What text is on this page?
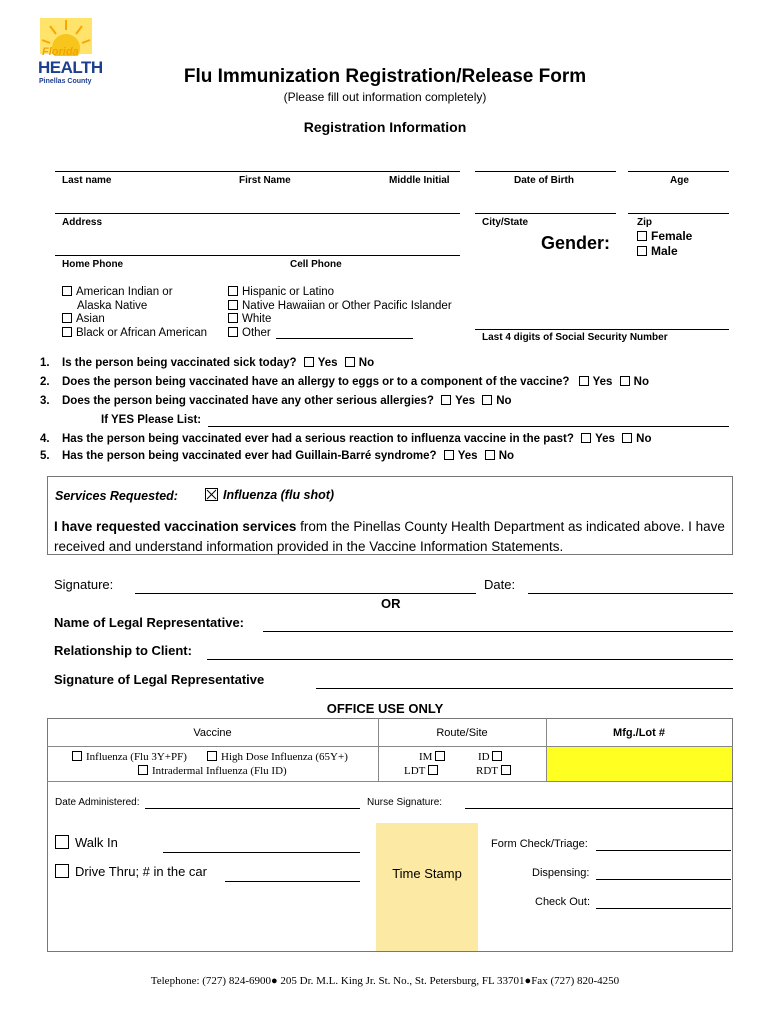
Florida
HEALTH
Pinellas County	Flu Immunization Registration/Release Form
(Please fill out information completely)
Registration Information
Last name	First Name	Middle Initial	Date of Birth	Age
Address	City/State	Zip
Gender:	Female
Male
Home Phone	Cell Phone
American Indian or
Alaska Native
Asian
Black or African American
Hispanic or Latino
Native Hawaiian or Other Pacific Islander
White
Other	Last 4 digits of Social Security Number
1. Is the person being vaccinated sick today? Yes No
2. Does the person being vaccinated have an allergy to eggs or to a component of the vaccine? Yes No
3. Does the person being vaccinated have any other serious allergies? Yes No
If YES Please List:
4. Has the person being vaccinated ever had a serious reaction to influenza vaccine in the past? Yes No
5. Has the person being vaccinated ever had Guillain-Barré syndrome? Yes No
Services Requested:	Influenza (flu shot)
I have requested vaccination services from the Pinellas County Health Department as indicated above. I have received and understand information provided in the Vaccine Information Statements.
Signature:	Date:
OR
Name of Legal Representative:
Relationship to Client:
Signature of Legal Representative
OFFICE USE ONLY
Vaccine	Route/Site	Mfg./Lot #
Influenza (Flu 3Y+PF)	High Dose Influenza (65Y+)
Intradermal Influenza (Flu ID)
IM	ID
LDT	RDT
Date Administered:	Nurse Signature:
Walk In
Drive Thru; # in the car	Time Stamp
Form Check/Triage:
Dispensing:
Check Out:
Telephone: (727) 824-6900● 205 Dr. M.L. King Jr. St. No., St. Petersburg, FL 33701●Fax (727) 820-4250
